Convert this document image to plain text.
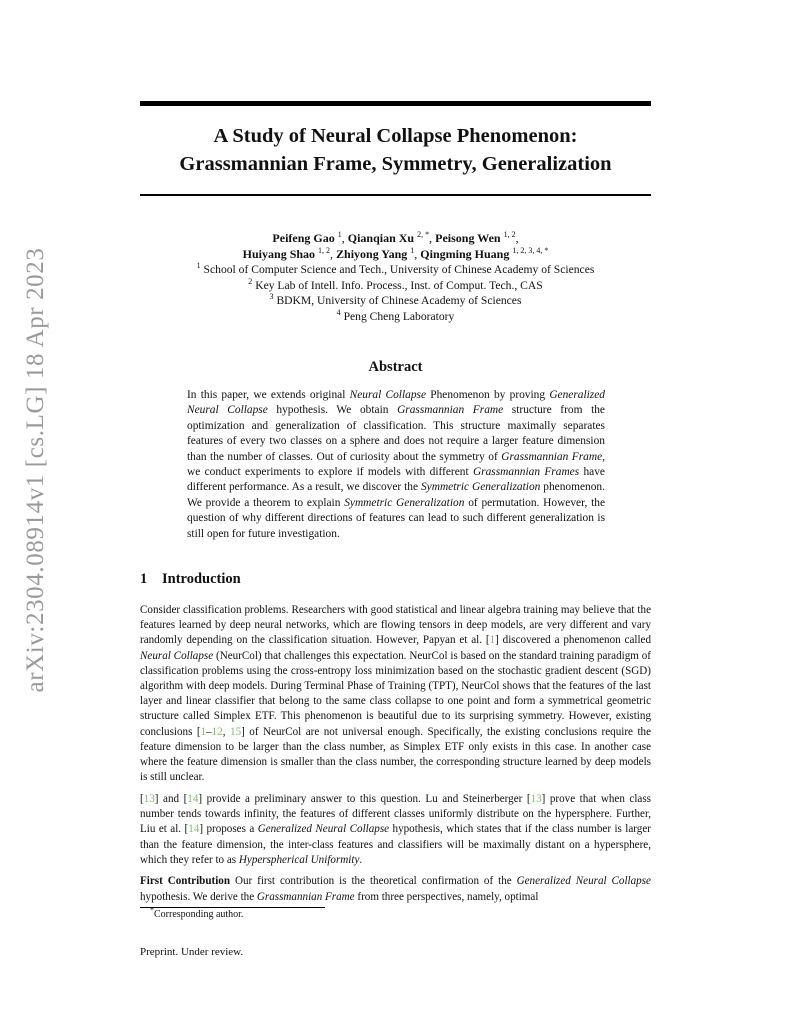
arXiv:2304.08914v1 [cs.LG] 18 Apr 2023
A Study of Neural Collapse Phenomenon:
Grassmannian Frame, Symmetry, Generalization
Peifeng Gao $^1$, Qianqian Xu $^{2, *}$, Peisong Wen $^{1, 2}$,
Huiyang Shao $^{1, 2}$, Zhiyong Yang $^1$, Qingming Huang $^{1, 2, 3, 4, *}$
$^1$ School of Computer Science and Tech., University of Chinese Academy of Sciences
$^2$ Key Lab of Intell. Info. Process., Inst. of Comput. Tech., CAS
$^3$ BDKM, University of Chinese Academy of Sciences
$^4$ Peng Cheng Laboratory
Abstract
In this paper, we extends original Neural Collapse Phenomenon by proving Generalized Neural Collapse hypothesis. We obtain Grassmannian Frame structure from the optimization and generalization of classification. This structure maximally separates features of every two classes on a sphere and does not require a larger feature dimension than the number of classes. Out of curiosity about the symmetry of Grassmannian Frame, we conduct experiments to explore if models with different Grassmannian Frames have different performance. As a result, we discover the Symmetric Generalization phenomenon. We provide a theorem to explain Symmetric Generalization of permutation. However, the question of why different directions of features can lead to such different generalization is still open for future investigation.
1 Introduction

Consider classification problems. Researchers with good statistical and linear algebra training may believe that the features learned by deep neural networks, which are flowing tensors in deep models, are very different and vary randomly depending on the classification situation. However, Papyan et al. [1] discovered a phenomenon called Neural Collapse (NeurCol) that challenges this expectation. NeurCol is based on the standard training paradigm of classification problems using the cross-entropy loss minimization based on the stochastic gradient descent (SGD) algorithm with deep models. During Terminal Phase of Training (TPT), NeurCol shows that the features of the last layer and linear classifier that belong to the same class collapse to one point and form a symmetrical geometric structure called Simplex ETF. This phenomenon is beautiful due to its surprising symmetry. However, existing conclusions [1–12, 15] of NeurCol are not universal enough. Specifically, the existing conclusions require the feature dimension to be larger than the class number, as Simplex ETF only exists in this case. In another case where the feature dimension is smaller than the class number, the corresponding structure learned by deep models is still unclear.

[13] and [14] provide a preliminary answer to this question. Lu and Steinerberger [13] prove that when class number tends towards infinity, the features of different classes uniformly distribute on the hypersphere. Further, Liu et al. [14] proposes a Generalized Neural Collapse hypothesis, which states that if the class number is larger than the feature dimension, the inter-class features and classifiers will be maximally distant on a hypersphere, which they refer to as Hyperspherical Uniformity.

First Contribution Our first contribution is the theoretical confirmation of the Generalized Neural Collapse hypothesis. We derive the Grassmannian Frame from three perspectives, namely, optimal

*Corresponding author.
Preprint. Under review.
